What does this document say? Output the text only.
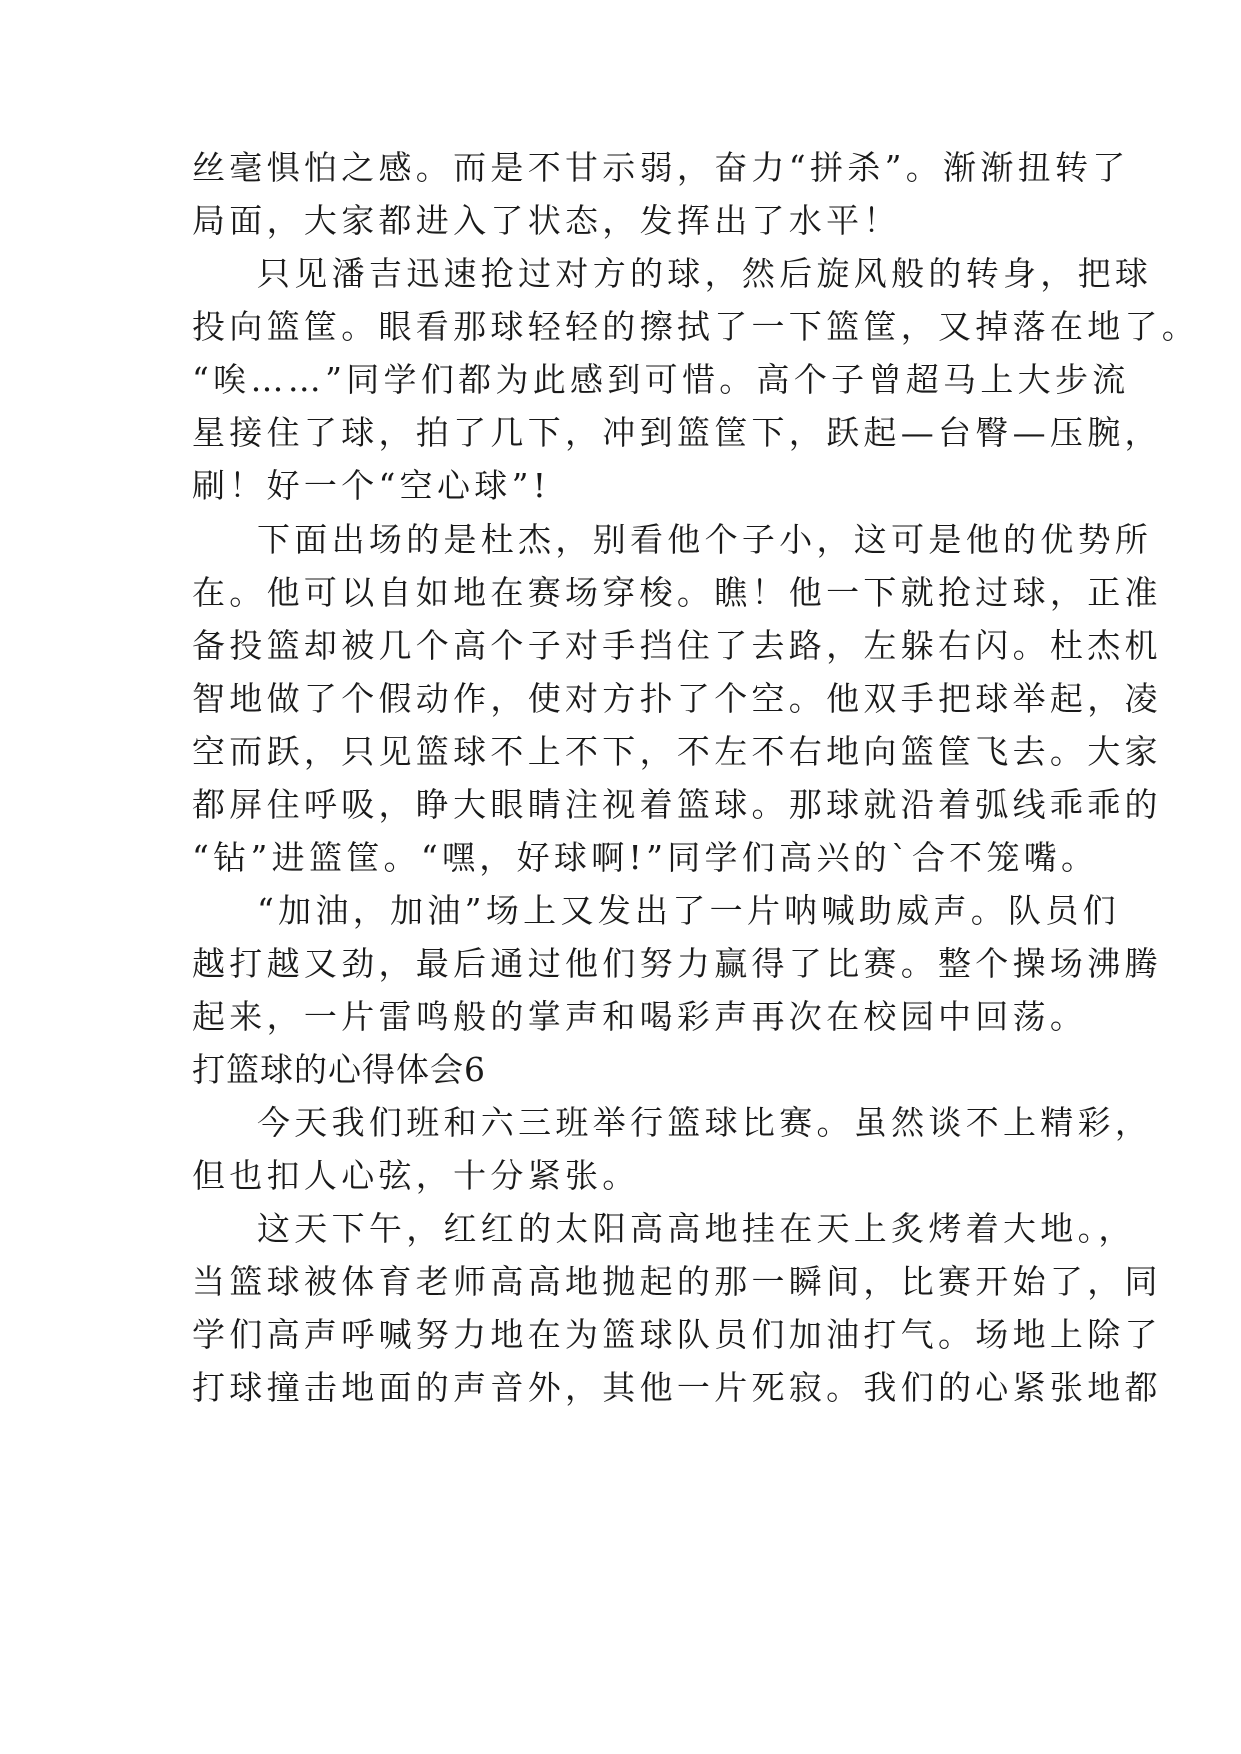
丝毫惧怕之感。而是不甘示弱，奋力“拼杀”。渐渐扭转了
局面，大家都进入了状态，发挥出了水平！
只见潘吉迅速抢过对方的球，然后旋风般的转身，把球
投向篮筐。眼看那球轻轻的擦拭了一下篮筐，又掉落在地了。
“唉……”同学们都为此感到可惜。高个子曾超马上大步流
星接住了球，拍了几下，冲到篮筐下，跃起—台臀—压腕，
刷！好一个“空心球”!
下面出场的是杜杰，别看他个子小，这可是他的优势所
在。他可以自如地在赛场穿梭。瞧！他一下就抢过球，正准
备投篮却被几个高个子对手挡住了去路，左躲右闪。杜杰机
智地做了个假动作，使对方扑了个空。他双手把球举起，凌
空而跃，只见篮球不上不下，不左不右地向篮筐飞去。大家
都屏住呼吸，睁大眼睛注视着篮球。那球就沿着弧线乖乖的
“钻”进篮筐。“嘿，好球啊!”同学们高兴的`合不笼嘴。
“加油，加油”场上又发出了一片呐喊助威声。队员们
越打越又劲，最后通过他们努力赢得了比赛。整个操场沸腾
起来，一片雷鸣般的掌声和喝彩声再次在校园中回荡。
打篮球的心得体会6
今天我们班和六三班举行篮球比赛。虽然谈不上精彩，
但也扣人心弦，十分紧张。
这天下午，红红的太阳高高地挂在天上炙烤着大地。，
当篮球被体育老师高高地抛起的那一瞬间，比赛开始了，同
学们高声呼喊努力地在为篮球队员们加油打气。场地上除了
打球撞击地面的声音外，其他一片死寂。我们的心紧张地都
